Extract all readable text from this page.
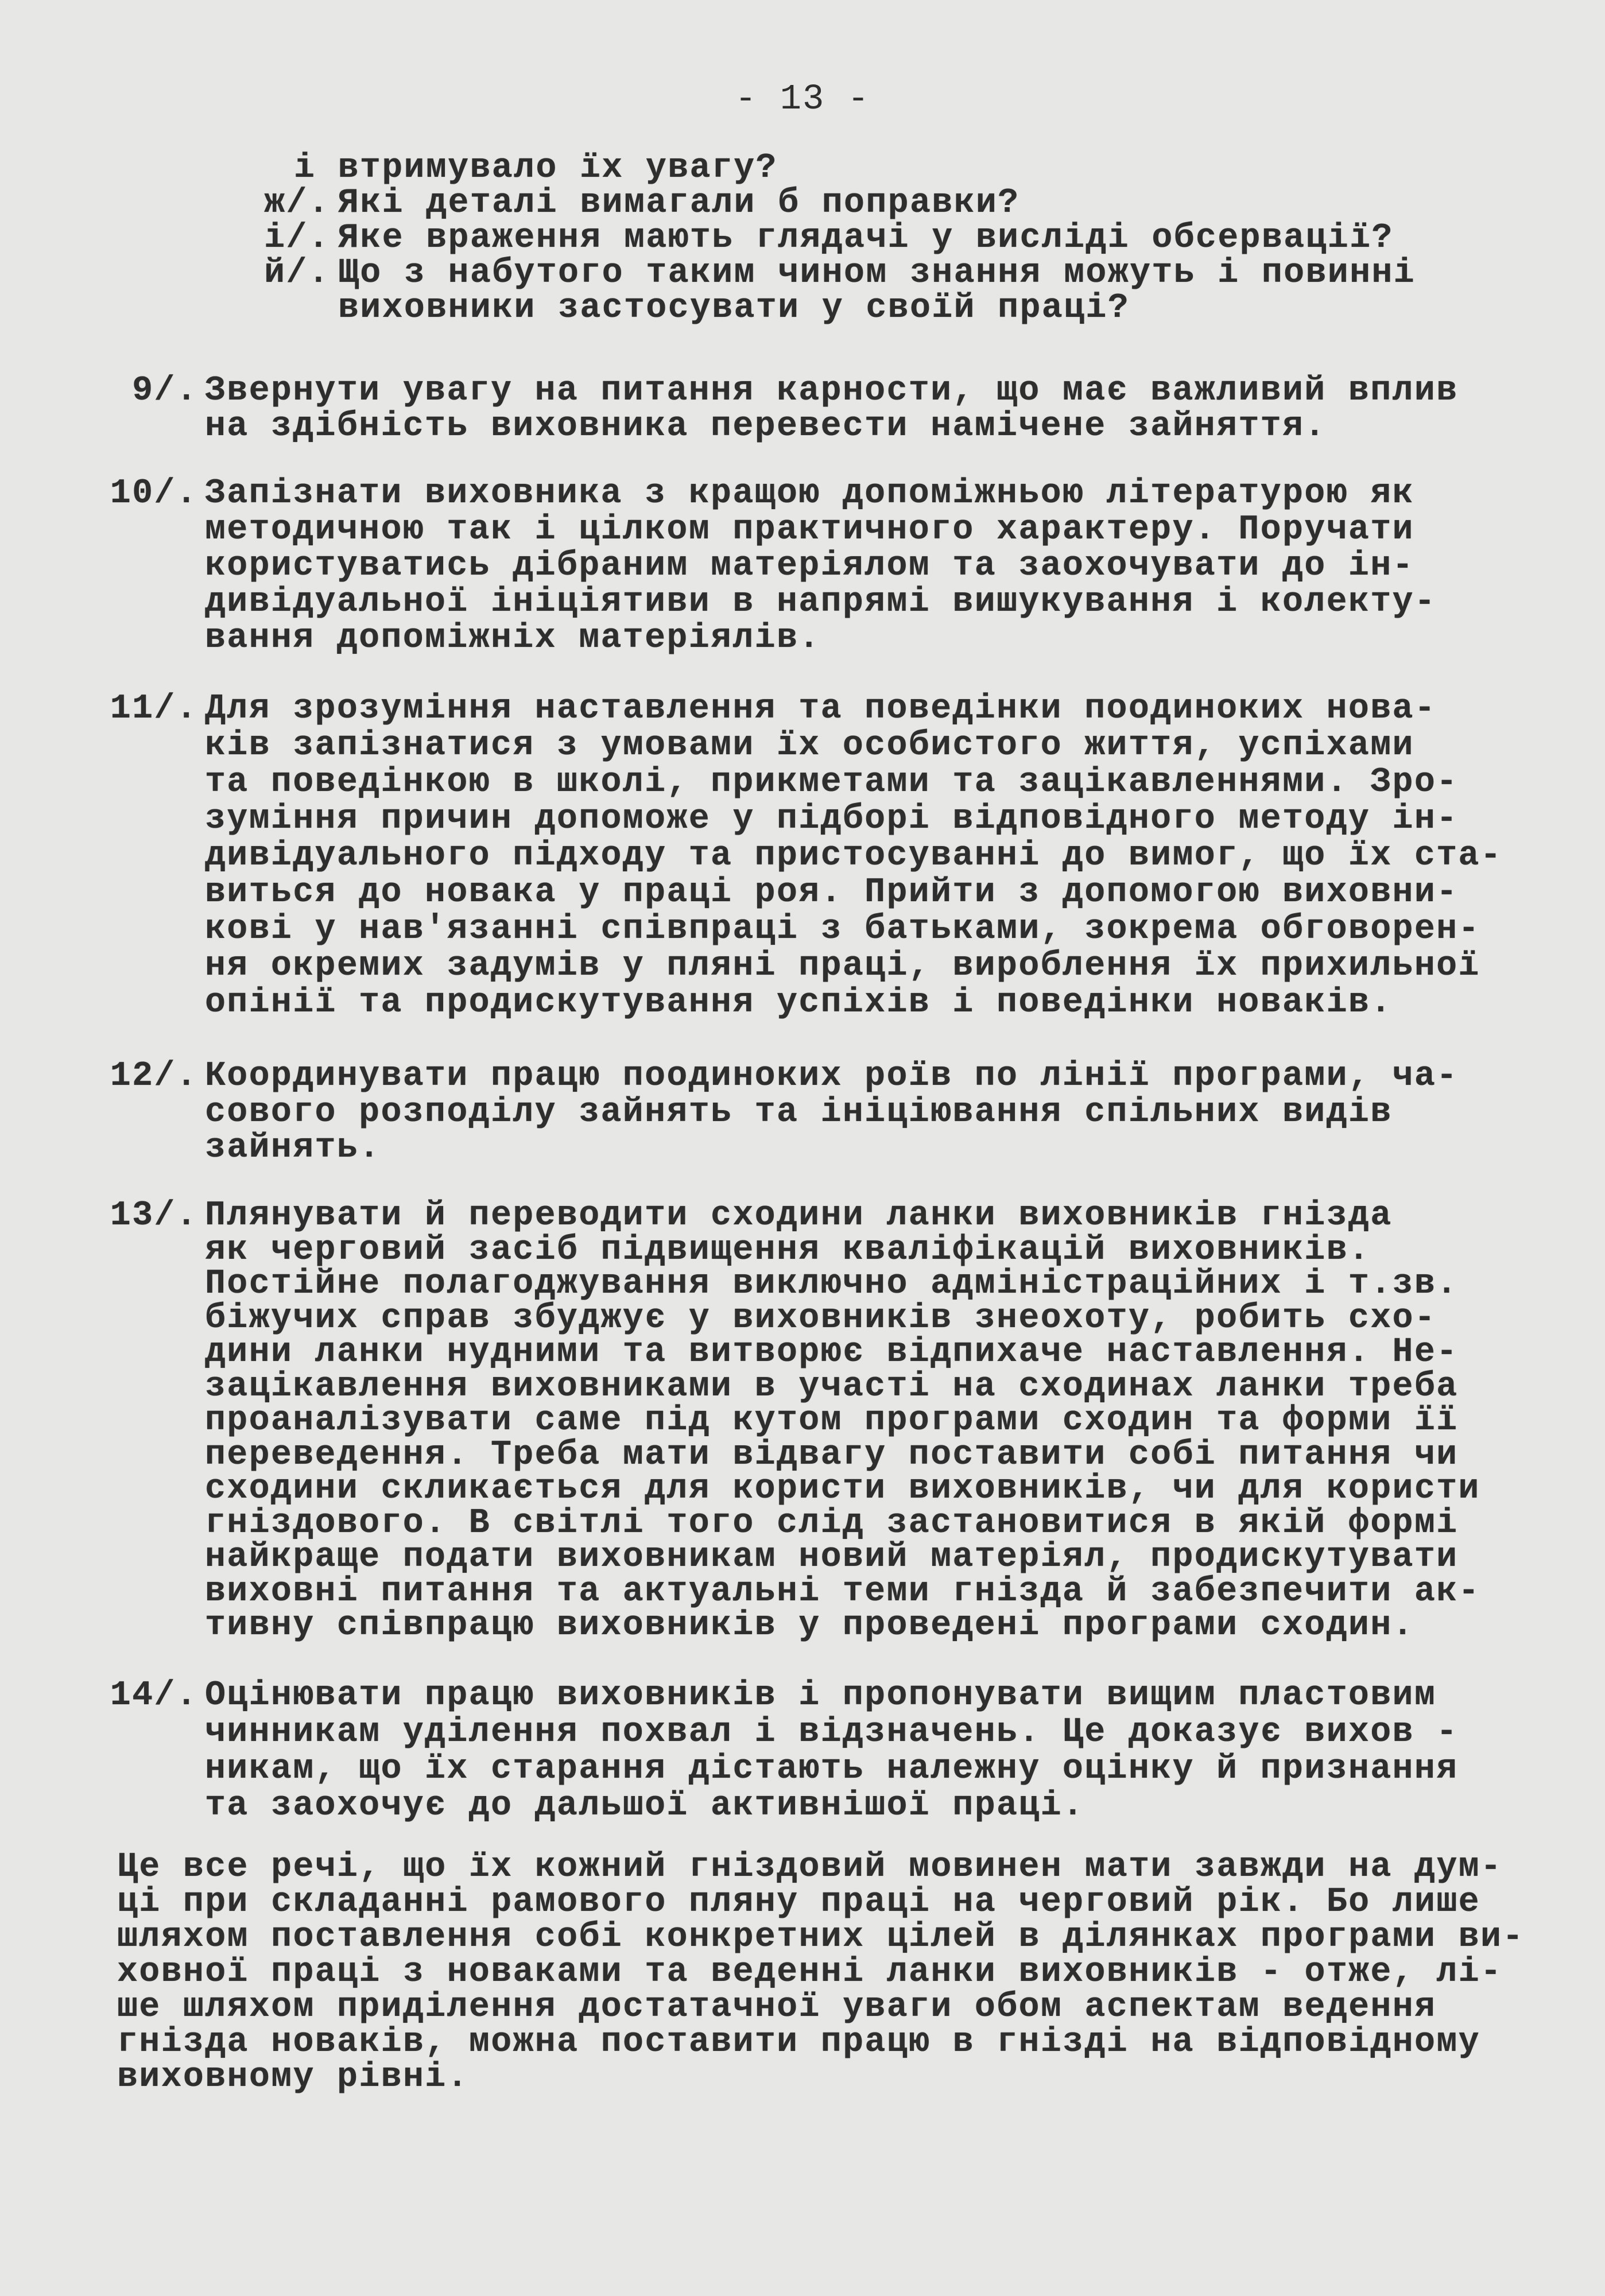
- 13 -
і втримувало їх увагу?
ж/. Які деталі вимагали б поправки?
і/. Яке враження мають глядачі у висліді обсервації?
й/. Що з набутого таким чином знання можуть і повинні
виховники застосувати у своїй праці?
9/. Звернути увагу на питання карности, що має важливий вплив
на здібність виховника перевести намічене зайняття.
10/. Запізнати виховника з кращою допоміжньою літературою як
методичною так і цілком практичного характеру. Поручати
користуватись дібраним матеріялом та заохочувати до ін-
дивідуальної ініціятиви в напрямі вишукування і колекту-
вання допоміжніх матеріялів.
11/. Для зрозуміння наставлення та поведінки поодиноких нова-
ків запізнатися з умовами їх особистого життя, успіхами
та поведінкою в школі, прикметами та зацікавленнями. Зро-
зуміння причин допоможе у підборі відповідного методу ін-
дивідуального підходу та пристосуванні до вимог, що їх ста-
виться до новака у праці роя. Прийти з допомогою виховни-
кові у нав'язанні співпраці з батьками, зокрема обговорен-
ня окремих задумів у пляні праці, вироблення їх прихильної
опінії та продискутування успіхів і поведінки новаків.
12/. Координувати працю поодиноких роїв по лінії програми, ча-
сового розподілу зайнять та ініціювання спільних видів
зайнять.
13/. Плянувати й переводити сходини ланки виховників гнізда
як черговий засіб підвищення кваліфікацій виховників.
Постійне полагоджування виключно адміністраційних і т.зв.
біжучих справ збуджує у виховників знеохоту, робить схо-
дини ланки нудними та витворює відпихаче наставлення. Не-
зацікавлення виховниками в участі на сходинах ланки треба
проаналізувати саме під кутом програми сходин та форми її
переведення. Треба мати відвагу поставити собі питання чи
сходини скликається для користи виховників, чи для користи
гніздового. В світлі того слід застановитися в якій формі
найкраще подати виховникам новий матеріял, продискутувати
виховні питання та актуальні теми гнізда й забезпечити ак-
тивну співпрацю виховників у проведені програми сходин.
14/. Оцінювати працю виховників і пропонувати вищим пластовим
чинникам уділення похвал і відзначень. Це доказує вихов -
никам, що їх старання дістають належну оцінку й признання
та заохочує до дальшої активнішої праці.
Це все речі, що їх кожний гніздовий мовинен мати завжди на дум-
ці при складанні рамового пляну праці на черговий рік. Бо лише
шляхом поставлення собі конкретних цілей в ділянках програми ви-
ховної праці з новаками та веденні ланки виховників - отже, лі-
ше шляхом приділення достатачної уваги обом аспектам ведення
гнізда новаків, можна поставити працю в гнізді на відповідному
виховному рівні.
